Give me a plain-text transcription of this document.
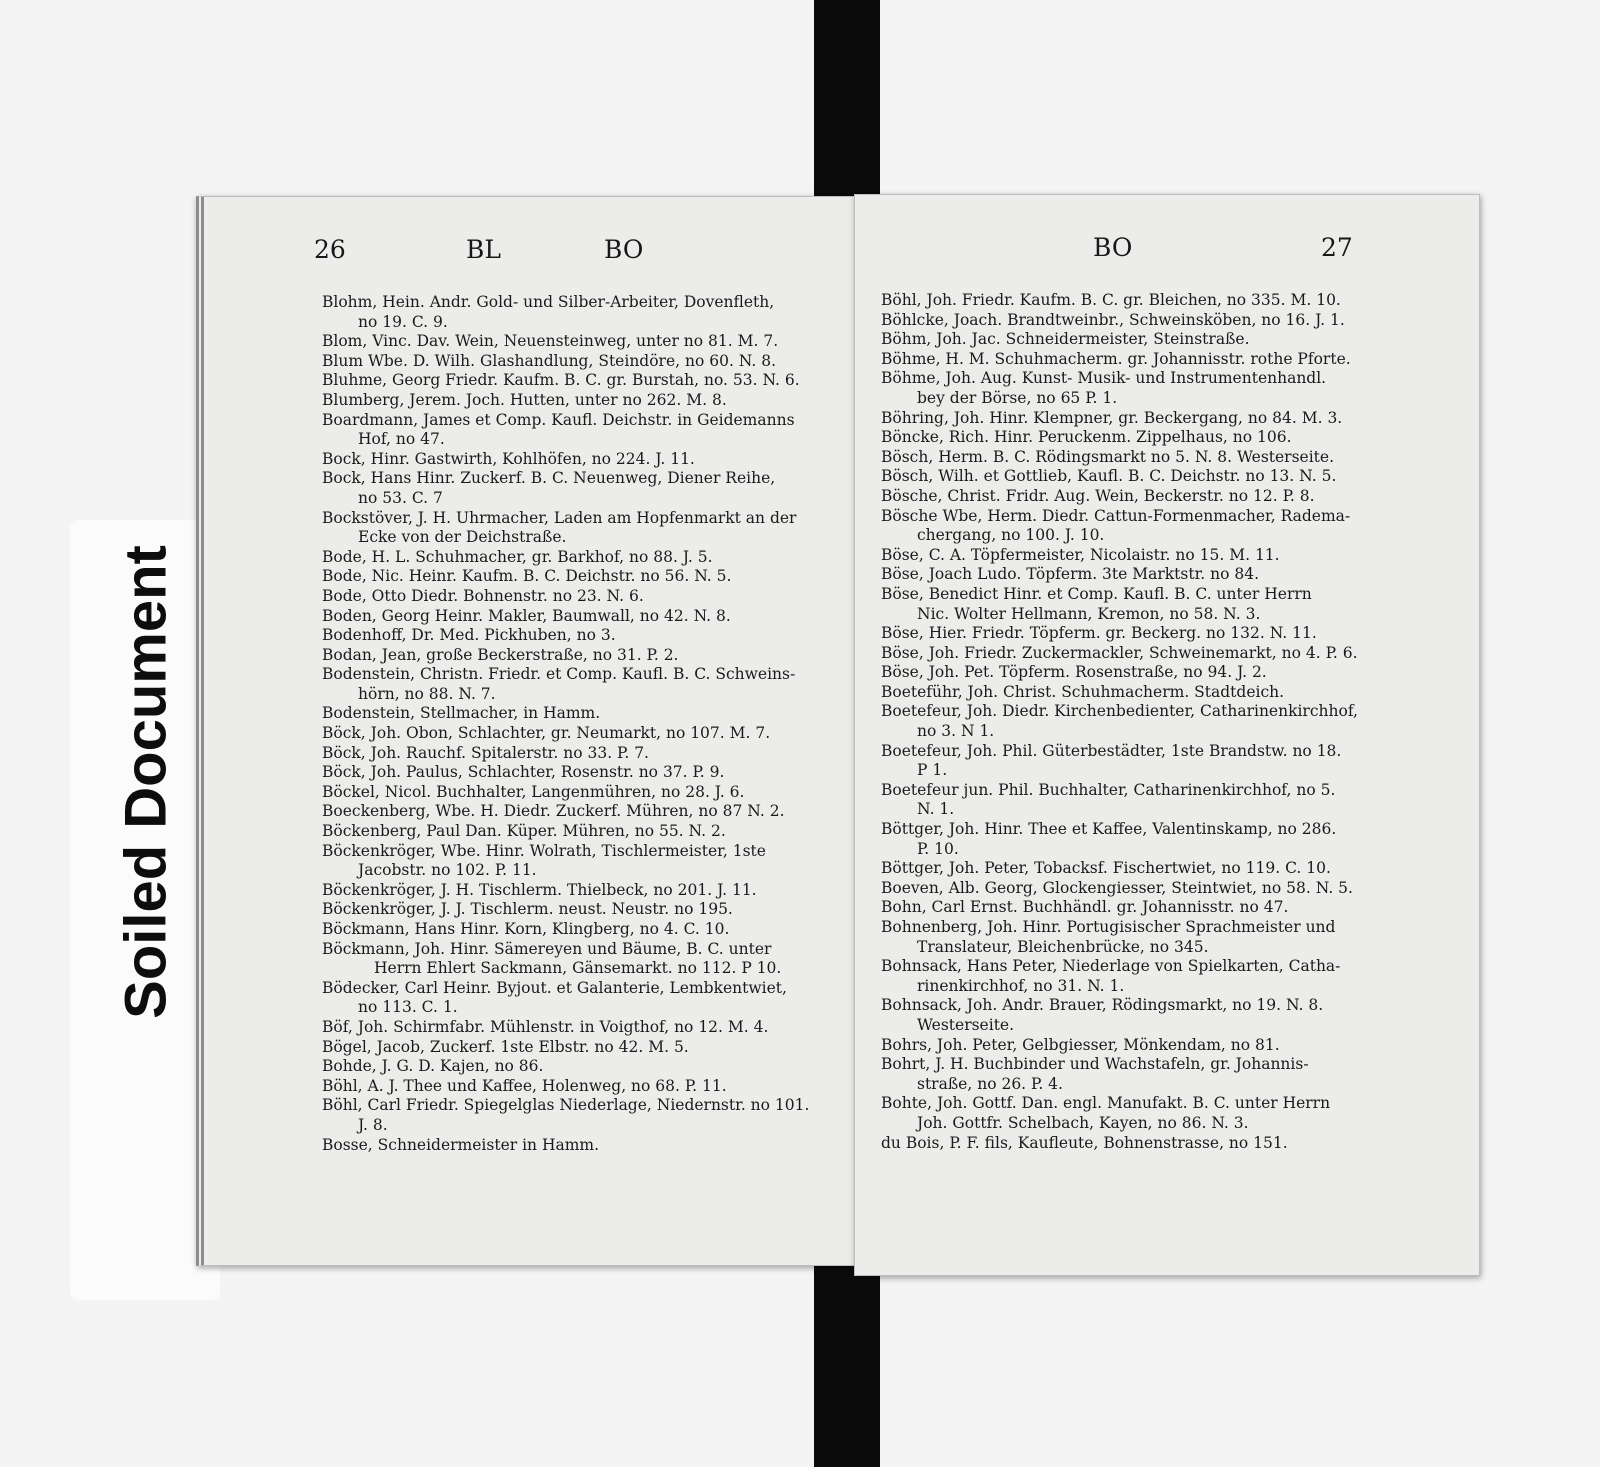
Soiled Document
26	BL	BO
Blohm, Hein. Andr. Gold- und Silber-Arbeiter, Dovenfleth,
no 19. C. 9.
Blom, Vinc. Dav. Wein, Neuensteinweg, unter no 81. M. 7.
Blum Wbe. D. Wilh. Glashandlung, Steindöre, no 60. N. 8.
Bluhme, Georg Friedr. Kaufm. B. C. gr. Burstah, no. 53. N. 6.
Blumberg, Jerem. Joch. Hutten, unter no 262. M. 8.
Boardmann, James et Comp. Kaufl. Deichstr. in Geidemanns
Hof, no 47.
Bock, Hinr. Gastwirth, Kohlhöfen, no 224. J. 11.
Bock, Hans Hinr. Zuckerf. B. C. Neuenweg, Diener Reihe,
no 53. C. 7
Bockstöver, J. H. Uhrmacher, Laden am Hopfenmarkt an der
Ecke von der Deichstraße.
Bode, H. L. Schuhmacher, gr. Barkhof, no 88. J. 5.
Bode, Nic. Heinr. Kaufm. B. C. Deichstr. no 56. N. 5.
Bode, Otto Diedr. Bohnenstr. no 23. N. 6.
Boden, Georg Heinr. Makler, Baumwall, no 42. N. 8.
Bodenhoff, Dr. Med. Pickhuben, no 3.
Bodan, Jean, große Beckerstraße, no 31. P. 2.
Bodenstein, Christn. Friedr. et Comp. Kaufl. B. C. Schweins-
hörn, no 88. N. 7.
Bodenstein, Stellmacher, in Hamm.
Böck, Joh. Obon, Schlachter, gr. Neumarkt, no 107. M. 7.
Böck, Joh. Rauchf. Spitalerstr. no 33. P. 7.
Böck, Joh. Paulus, Schlachter, Rosenstr. no 37. P. 9.
Böckel, Nicol. Buchhalter, Langenmühren, no 28. J. 6.
Boeckenberg, Wbe. H. Diedr. Zuckerf. Mühren, no 87 N. 2.
Böckenberg, Paul Dan. Küper. Mühren, no 55. N. 2.
Böckenkröger, Wbe. Hinr. Wolrath, Tischlermeister, 1ste
Jacobstr. no 102. P. 11.
Böckenkröger, J. H. Tischlerm. Thielbeck, no 201. J. 11.
Böckenkröger, J. J. Tischlerm. neust. Neustr. no 195.
Böckmann, Hans Hinr. Korn, Klingberg, no 4. C. 10.
Böckmann, Joh. Hinr. Sämereyen und Bäume, B. C. unter
Herrn Ehlert Sackmann, Gänsemarkt. no 112. P 10.
Bödecker, Carl Heinr. Byjout. et Galanterie, Lembkentwiet,
no 113. C. 1.
Böf, Joh. Schirmfabr. Mühlenstr. in Voigthof, no 12. M. 4.
Bögel, Jacob, Zuckerf. 1ste Elbstr. no 42. M. 5.
Bohde, J. G. D. Kajen, no 86.
Böhl, A. J. Thee und Kaffee, Holenweg, no 68. P. 11.
Böhl, Carl Friedr. Spiegelglas Niederlage, Niedernstr. no 101.
J. 8.
Bosse, Schneidermeister in Hamm.
BO	27
Böhl, Joh. Friedr. Kaufm. B. C. gr. Bleichen, no 335. M. 10.
Böhlcke, Joach. Brandtweinbr., Schweinsköben, no 16. J. 1.
Böhm, Joh. Jac. Schneidermeister, Steinstraße.
Böhme, H. M. Schuhmacherm. gr. Johannisstr. rothe Pforte.
Böhme, Joh. Aug. Kunst- Musik- und Instrumentenhandl.
bey der Börse, no 65 P. 1.
Böhring, Joh. Hinr. Klempner, gr. Beckergang, no 84. M. 3.
Böncke, Rich. Hinr. Peruckenm. Zippelhaus, no 106.
Bösch, Herm. B. C. Rödingsmarkt no 5. N. 8. Westerseite.
Bösch, Wilh. et Gottlieb, Kaufl. B. C. Deichstr. no 13. N. 5.
Bösche, Christ. Fridr. Aug. Wein, Beckerstr. no 12. P. 8.
Bösche Wbe, Herm. Diedr. Cattun-Formenmacher, Radema-
chergang, no 100. J. 10.
Böse, C. A. Töpfermeister, Nicolaistr. no 15. M. 11.
Böse, Joach Ludo. Töpferm. 3te Marktstr. no 84.
Böse, Benedict Hinr. et Comp. Kaufl. B. C. unter Herrn
Nic. Wolter Hellmann, Kremon, no 58. N. 3.
Böse, Hier. Friedr. Töpferm. gr. Beckerg. no 132. N. 11.
Böse, Joh. Friedr. Zuckermackler, Schweinemarkt, no 4. P. 6.
Böse, Joh. Pet. Töpferm. Rosenstraße, no 94. J. 2.
Boeteführ, Joh. Christ. Schuhmacherm. Stadtdeich.
Boetefeur, Joh. Diedr. Kirchenbedienter, Catharinenkirchhof,
no 3. N 1.
Boetefeur, Joh. Phil. Güterbestädter, 1ste Brandstw. no 18.
P 1.
Boetefeur jun. Phil. Buchhalter, Catharinenkirchhof, no 5.
N. 1.
Böttger, Joh. Hinr. Thee et Kaffee, Valentinskamp, no 286.
P. 10.
Böttger, Joh. Peter, Tobacksf. Fischertwiet, no 119. C. 10.
Boeven, Alb. Georg, Glockengiesser, Steintwiet, no 58. N. 5.
Bohn, Carl Ernst. Buchhändl. gr. Johannisstr. no 47.
Bohnenberg, Joh. Hinr. Portugisischer Sprachmeister und
Translateur, Bleichenbrücke, no 345.
Bohnsack, Hans Peter, Niederlage von Spielkarten, Catha-
rinenkirchhof, no 31. N. 1.
Bohnsack, Joh. Andr. Brauer, Rödingsmarkt, no 19. N. 8.
Westerseite.
Bohrs, Joh. Peter, Gelbgiesser, Mönkendam, no 81.
Bohrt, J. H. Buchbinder und Wachstafeln, gr. Johannis-
straße, no 26. P. 4.
Bohte, Joh. Gottf. Dan. engl. Manufakt. B. C. unter Herrn
Joh. Gottfr. Schelbach, Kayen, no 86. N. 3.
du Bois, P. F. fils, Kaufleute, Bohnenstrasse, no 151.
